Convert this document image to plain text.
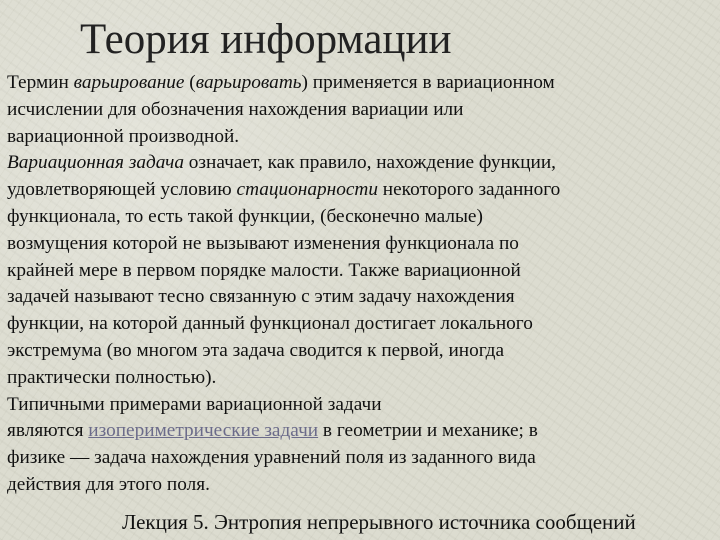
Теория информации
Термин варьирование (варьировать) применяется в вариационном
исчислении для обозначения нахождения вариации или
вариационной производной.
Вариационная задача означает, как правило, нахождение функции,
удовлетворяющей условию стационарности некоторого заданного
функционала, то есть такой функции, (бесконечно малые)
возмущения которой не вызывают изменения функционала по
крайней мере в первом порядке малости. Также вариационной
задачей называют тесно связанную с этим задачу нахождения
функции, на которой данный функционал достигает локального
экстремума (во многом эта задача сводится к первой, иногда
практически полностью).
Типичными примерами вариационной задачи
являются изопериметрические задачи в геометрии и механике; в
физике — задача нахождения уравнений поля из заданного вида
действия для этого поля.
Лекция 5. Энтропия непрерывного источника сообщений
